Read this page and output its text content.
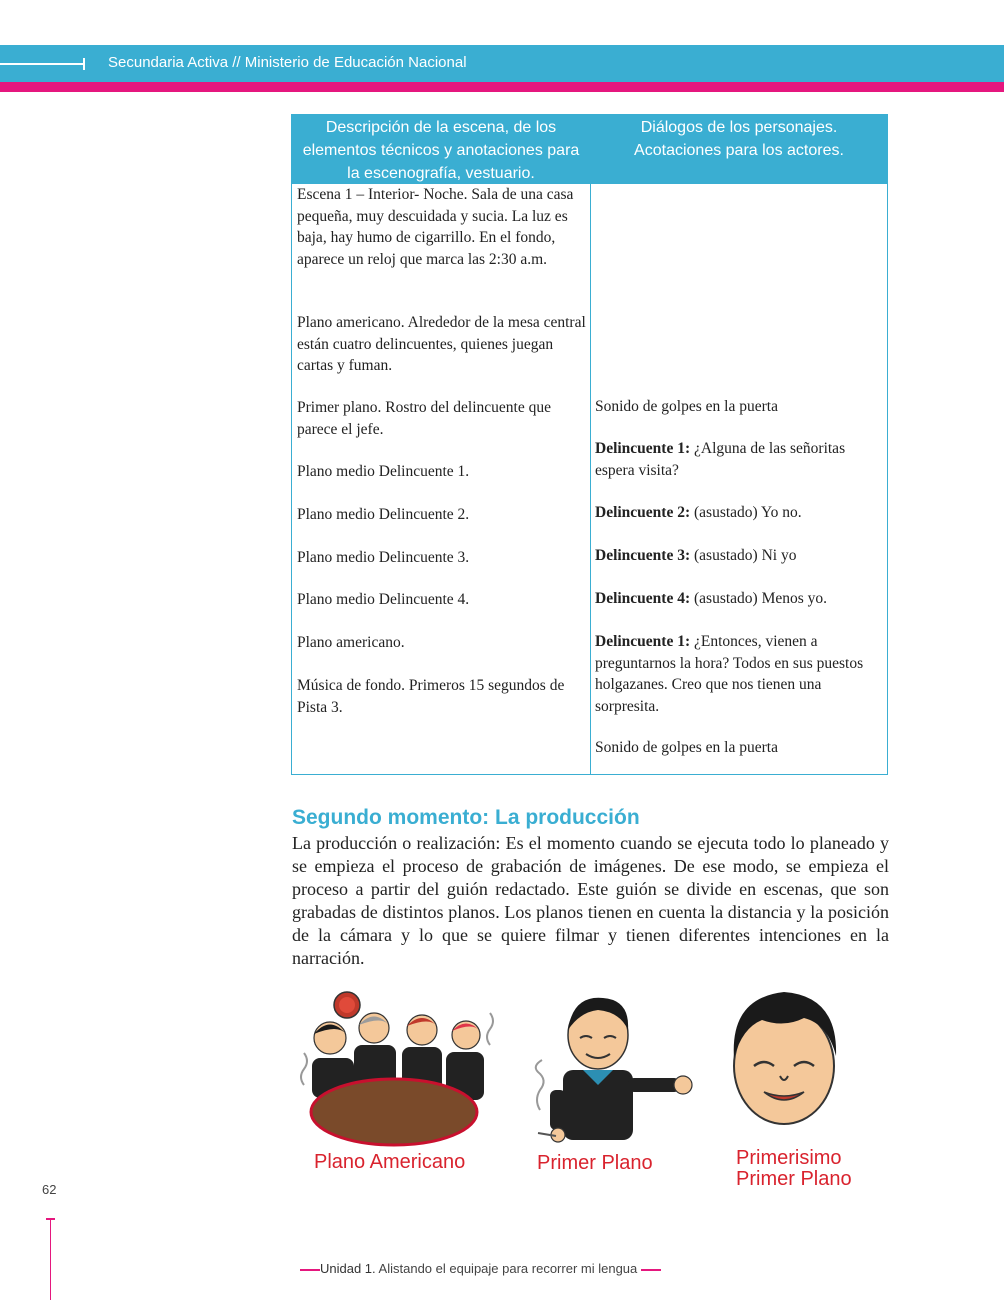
Secundaria Activa // Ministerio de Educación Nacional
Descripción de la escena, de los elementos técnicos y anotaciones para la escenografía, vestuario.
Diálogos de los personajes. Acotaciones para los actores.
Escena 1 – Interior- Noche. Sala de una casa pequeña, muy descuidada y sucia. La luz es baja, hay humo de cigarrillo. En el fondo, aparece un reloj que marca las 2:30 a.m.
Plano americano. Alrededor de la mesa central están cuatro delincuentes, quienes juegan cartas y fuman.
Primer plano. Rostro del delincuente que parece el jefe.
Plano medio Delincuente 1.
Plano medio Delincuente 2.
Plano medio Delincuente 3.
Plano medio Delincuente 4.
Plano americano.
Música de fondo. Primeros 15 segundos de Pista 3.
Sonido de golpes en la puerta
Delincuente 1: ¿Alguna de las señoritas espera visita?
Delincuente 2: (asustado) Yo no.
Delincuente 3: (asustado) Ni yo
Delincuente 4: (asustado) Menos yo.
Delincuente 1: ¿Entonces, vienen a preguntarnos la hora? Todos en sus puestos holgazanes. Creo que nos tienen una sorpresita.
Sonido de golpes en la puerta
Segundo momento: La producción
La producción o realización: Es el momento cuando se ejecuta todo lo planeado y se empieza el proceso de grabación de imágenes. De ese modo, se empieza el proceso a partir del guión redactado. Este guión se divide en escenas, que son grabadas de distintos planos. Los planos tienen en cuenta la distancia y la posición de la cámara y lo que se quiere filmar y tienen diferentes intenciones en la narración.
Plano Americano	Primer Plano	Primerisimo
Primer Plano
62
Unidad 1. Alistando el equipaje para recorrer mi lengua
